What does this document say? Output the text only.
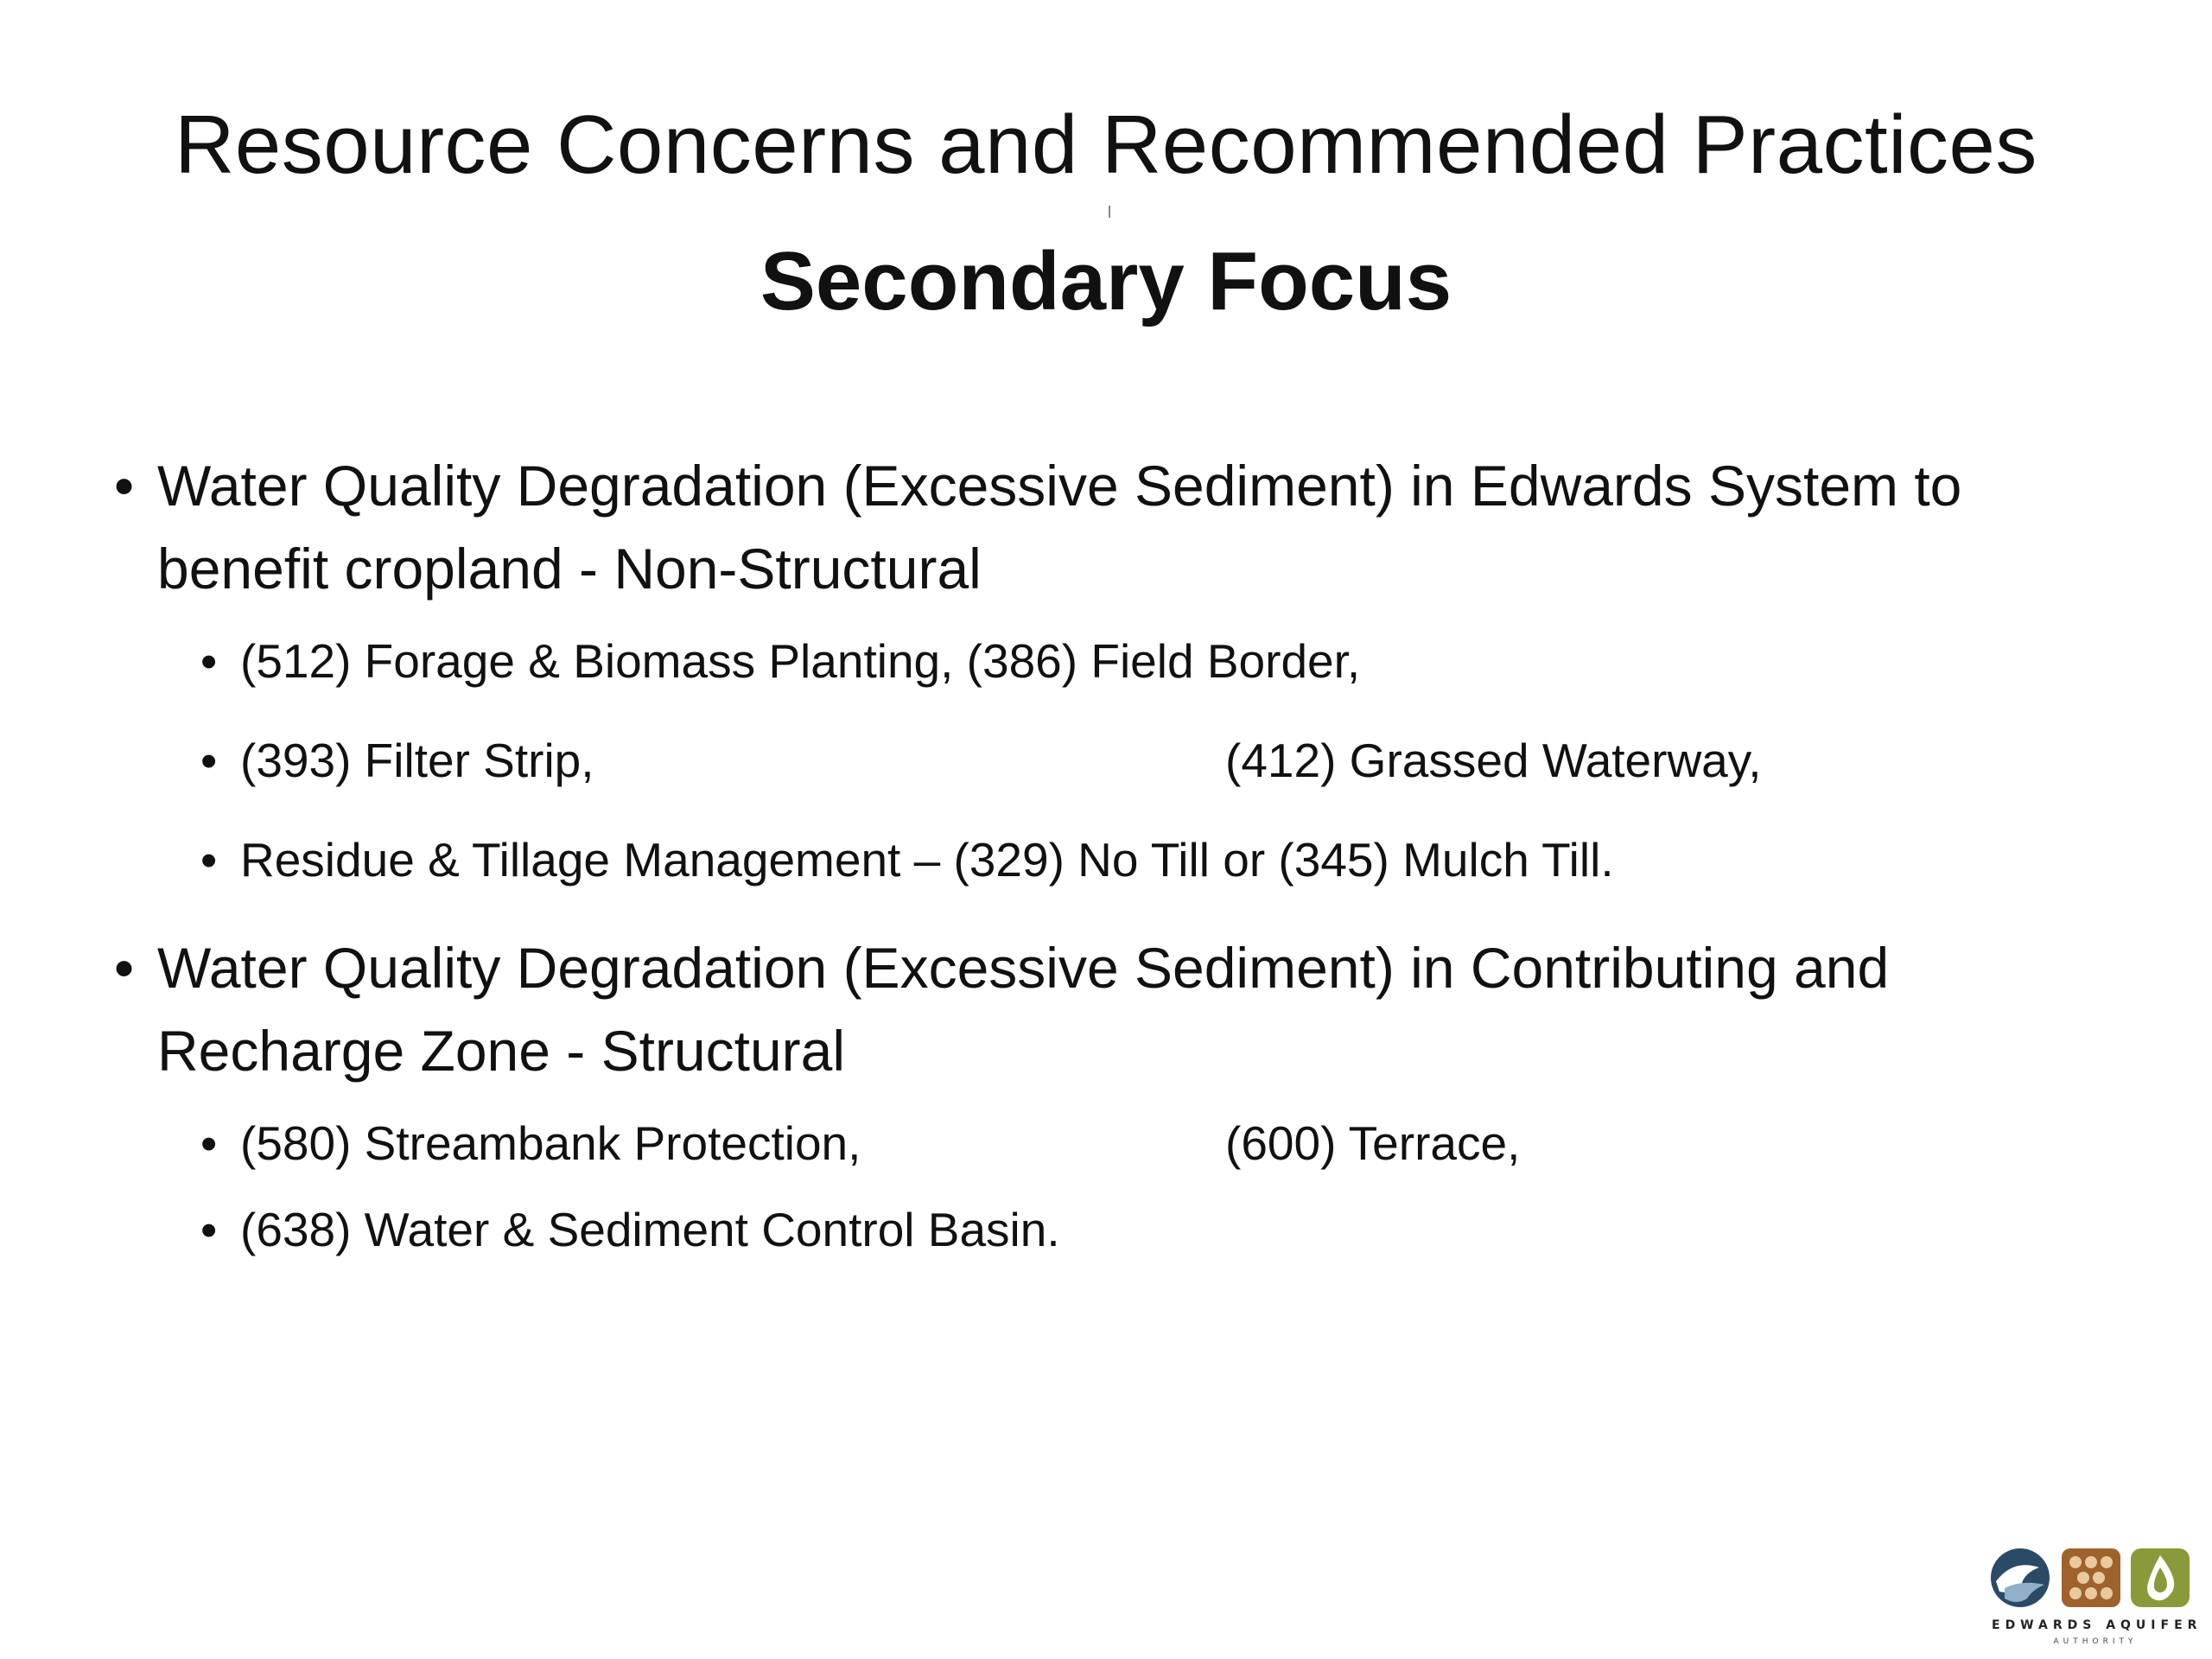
Resource Concerns and Recommended Practices
Secondary Focus
• Water Quality Degradation (Excessive Sediment) in Edwards System to
benefit cropland - Non-Structural
• (512) Forage & Biomass Planting, (386) Field Border,
• (393) Filter Strip,	(412) Grassed Waterway,
• Residue & Tillage Management – (329) No Till or (345) Mulch Till.
• Water Quality Degradation (Excessive Sediment) in Contributing and
Recharge Zone - Structural
• (580) Streambank Protection,	(600) Terrace,
• (638) Water & Sediment Control Basin.
EDWARDS AQUIFER
AUTHORITY
